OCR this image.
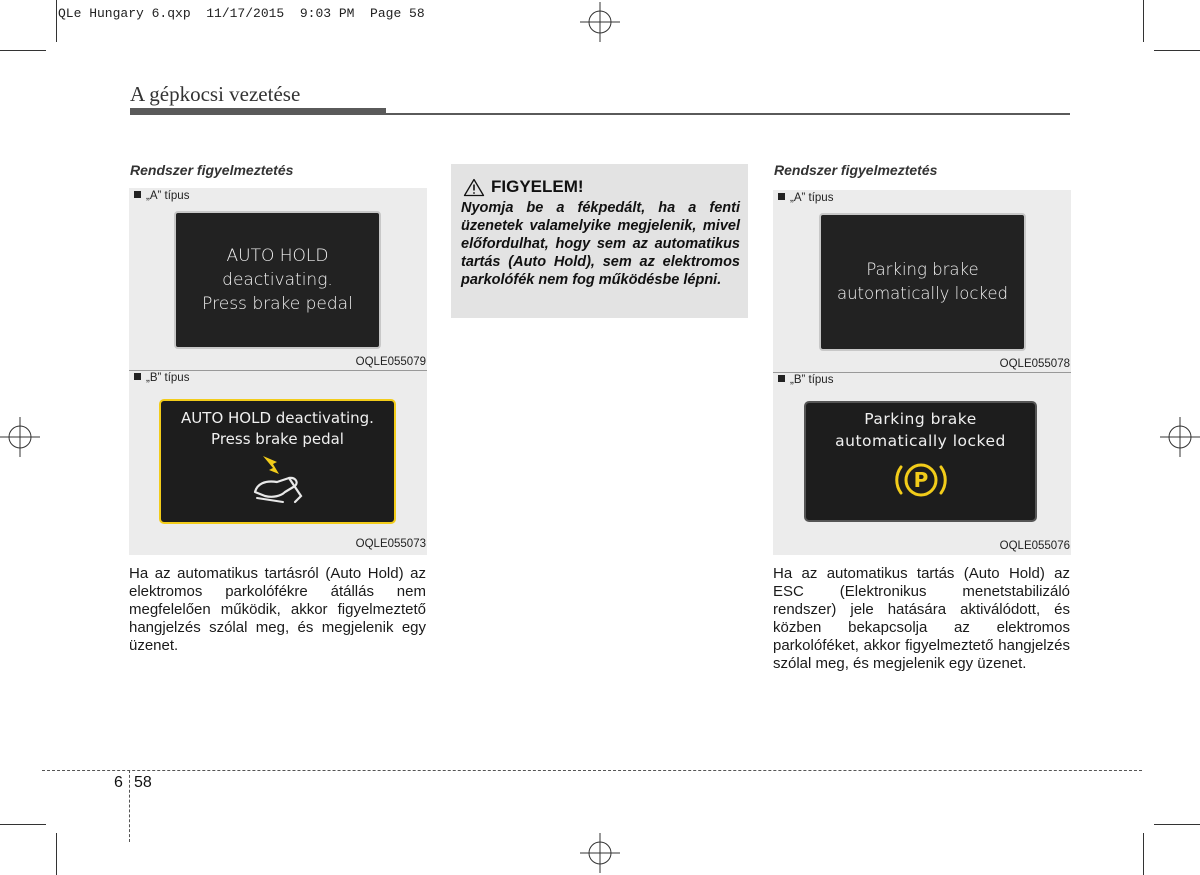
QLe Hungary 6.qxp  11/17/2015  9:03 PM  Page 58
A gépkocsi vezetése
Rendszer figyelmeztetés
„A” típus
AUTO HOLD
deactivating.
Press brake pedal
OQLE055079
„B” típus
AUTO HOLD deactivating.
Press brake pedal
OQLE055073
Ha az automatikus tartásról (Auto Hold) az elektromos parkolófékre átállás nem megfelelően működik, akkor figyelmeztető hangjelzés szólal meg, és megjelenik egy üzenet.
FIGYELEM!
Nyomja be a fékpedált, ha a fenti üzenetek valamelyike megjelenik, mivel előfordulhat, hogy sem az automatikus tartás (Auto Hold), sem az elektromos parkolófék nem fog működésbe lépni.
Rendszer figyelmeztetés
„A” típus
Parking brake
automatically locked
OQLE055078
„B” típus
Parking brake
automatically locked
P
OQLE055076
Ha az automatikus tartás (Auto Hold) az ESC (Elektronikus menetstabilizáló rendszer) jele hatására aktiválódott, és közben bekapcsolja az elektromos parkolóféket, akkor figyelmeztető hangjelzés szólal meg, és megjelenik egy üzenet.
6 58
